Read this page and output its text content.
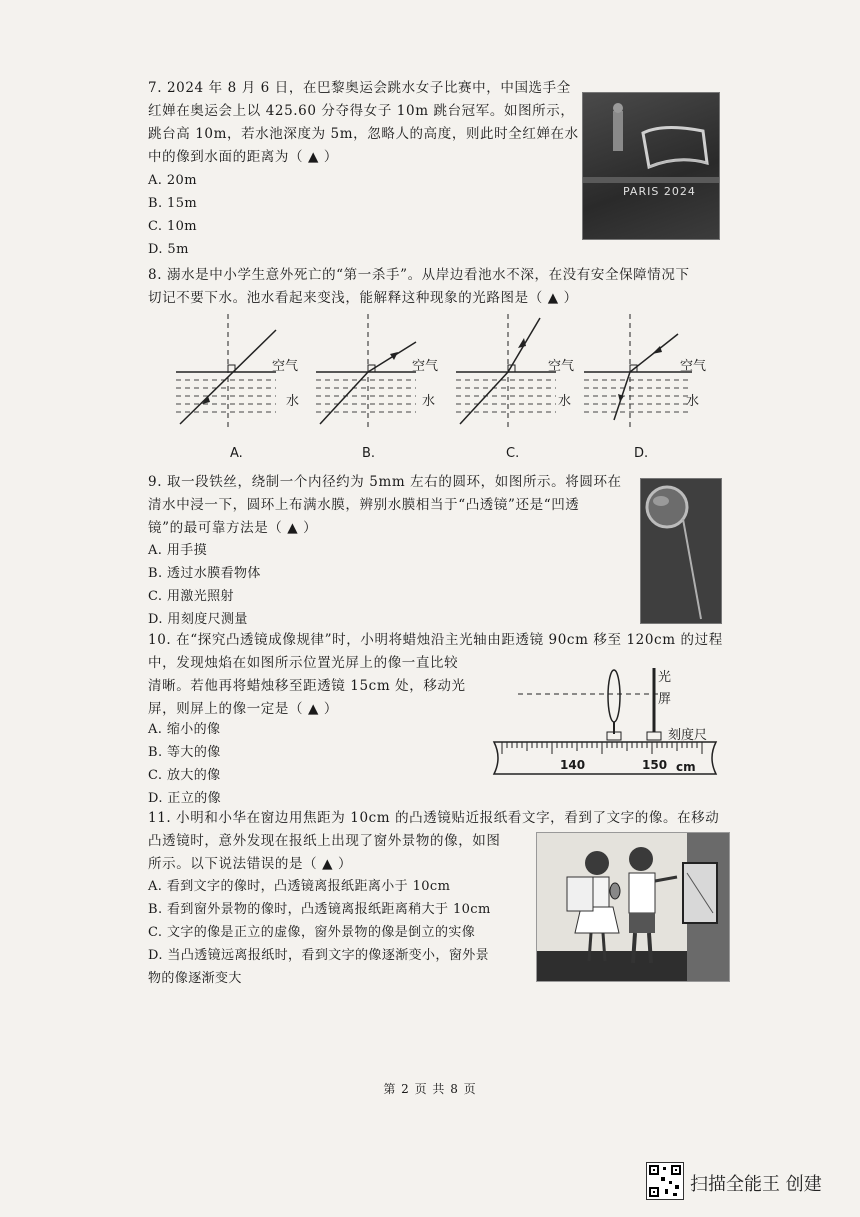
7. 2024 年 8 月 6 日，在巴黎奥运会跳水女子比赛中，中国选手全
红婵在奥运会上以 425.60 分夺得女子 10m 跳台冠军。如图所示，
跳台高 10m，若水池深度为 5m，忽略人的高度，则此时全红婵在水
中的像到水面的距离为（ ▲ ）
A. 20m
B. 15m
C. 10m
D. 5m
PARIS 2024
8. 溺水是中小学生意外死亡的“第一杀手”。从岸边看池水不深，在没有安全保障情况下
切记不要下水。池水看起来变浅，能解释这种现象的光路图是（ ▲ ）
空气
水
A.
空气
水
B.
空气
水
C.
空气
水
D.
9. 取一段铁丝，绕制一个内径约为 5mm 左右的圆环，如图所示。将圆环在
清水中浸一下，圆环上布满水膜，辨别水膜相当于“凸透镜”还是“凹透
镜”的最可靠方法是（ ▲ ）
A. 用手摸
B. 透过水膜看物体
C. 用激光照射
D. 用刻度尺测量
10. 在“探究凸透镜成像规律”时，小明将蜡烛沿主光轴由距透镜 90cm 移至 120cm 的过程
中，发现烛焰在如图所示位置光屏上的像一直比较
清晰。若他再将蜡烛移至距透镜 15cm 处，移动光
屏，则屏上的像一定是（ ▲ ）
A. 缩小的像
B. 等大的像
C. 放大的像
D. 正立的像
光
屏
刻度尺
140	150 cm
11. 小明和小华在窗边用焦距为 10cm 的凸透镜贴近报纸看文字，看到了文字的像。在移动
凸透镜时，意外发现在报纸上出现了窗外景物的像，如图
所示。以下说法错误的是（ ▲ ）
A. 看到文字的像时，凸透镜离报纸距离小于 10cm
B. 看到窗外景物的像时，凸透镜离报纸距离稍大于 10cm
C. 文字的像是正立的虚像，窗外景物的像是倒立的实像
D. 当凸透镜远离报纸时，看到文字的像逐渐变小，窗外景
物的像逐渐变大
第 2 页 共 8 页
扫描全能王 创建
